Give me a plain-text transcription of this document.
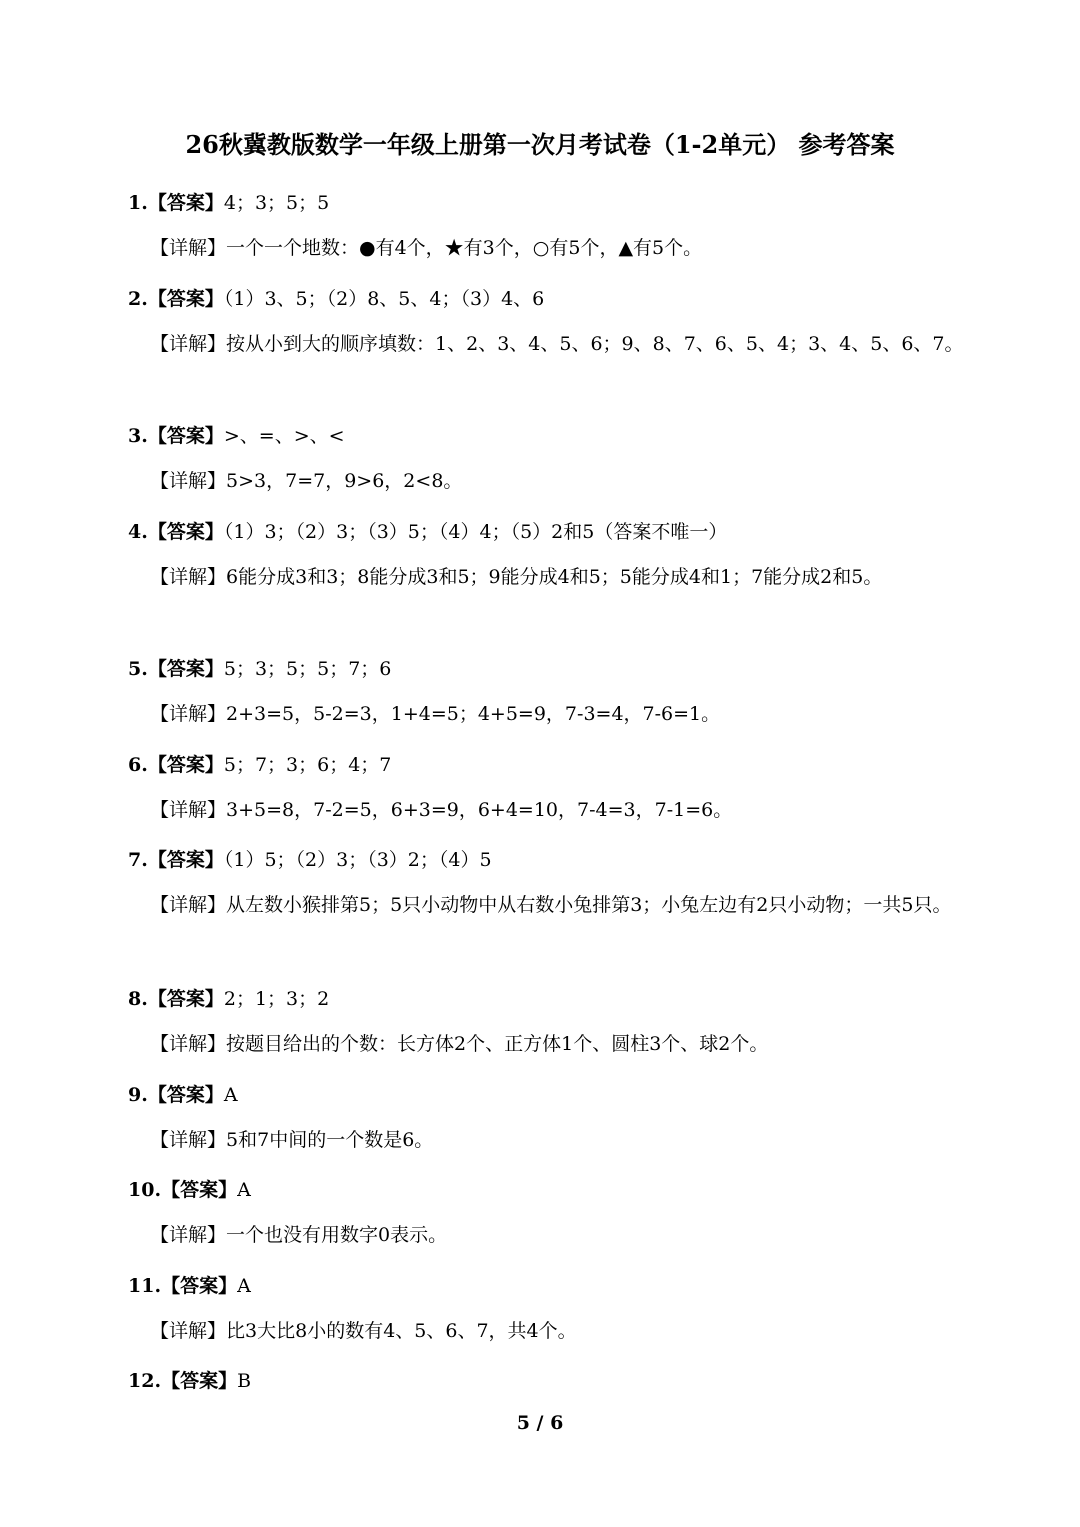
26秋冀教版数学一年级上册第一次月考试卷（1-2单元） 参考答案
1.【答案】4；3；5；5
【详解】一个一个地数：●有4个，★有3个，○有5个，▲有5个。
2.【答案】（1）3、5；（2）8、5、4；（3）4、6
【详解】按从小到大的顺序填数：1、2、3、4、5、6；9、8、7、6、5、4；3、4、5、6、7。
3.【答案】>、=、>、<
【详解】5>3，7=7，9>6，2<8。
4.【答案】（1）3；（2）3；（3）5；（4）4；（5）2和5（答案不唯一）
【详解】6能分成3和3；8能分成3和5；9能分成4和5；5能分成4和1；7能分成2和5。
5.【答案】5；3；5；5；7；6
【详解】2+3=5，5-2=3，1+4=5；4+5=9，7-3=4，7-6=1。
6.【答案】5；7；3；6；4；7
【详解】3+5=8，7-2=5，6+3=9，6+4=10，7-4=3，7-1=6。
7.【答案】（1）5；（2）3；（3）2；（4）5
【详解】从左数小猴排第5；5只小动物中从右数小兔排第3；小兔左边有2只小动物；一共5只。
8.【答案】2；1；3；2
【详解】按题目给出的个数：长方体2个、正方体1个、圆柱3个、球2个。
9.【答案】A
【详解】5和7中间的一个数是6。
10.【答案】A
【详解】一个也没有用数字0表示。
11.【答案】A
【详解】比3大比8小的数有4、5、6、7，共4个。
12.【答案】B
5 / 6
